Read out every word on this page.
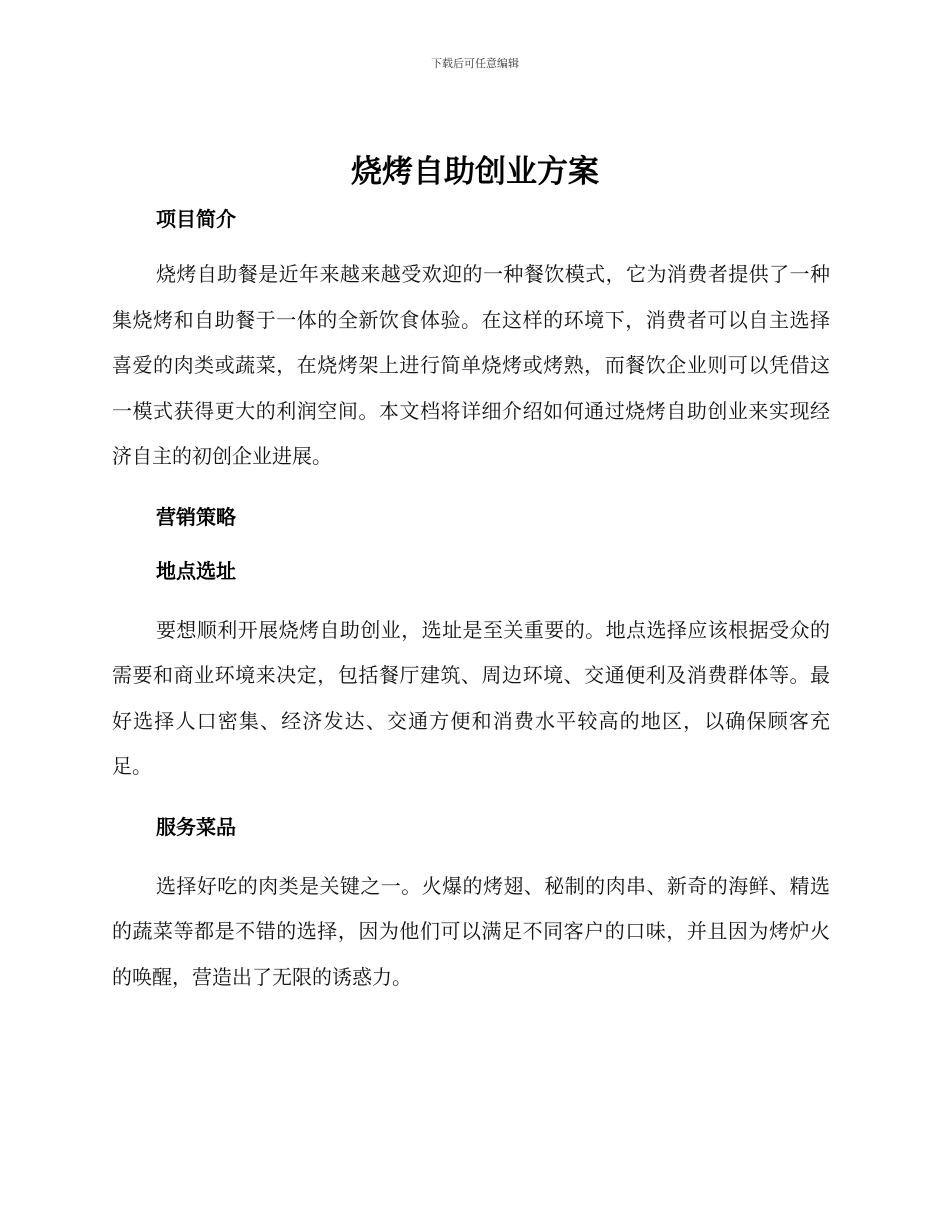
下载后可任意编辑
烧烤自助创业方案
项目简介

烧烤自助餐是近年来越来越受欢迎的一种餐饮模式，它为消费者提供了一种集烧烤和自助餐于一体的全新饮食体验。在这样的环境下，消费者可以自主选择喜爱的肉类或蔬菜，在烧烤架上进行简单烧烤或烤熟，而餐饮企业则可以凭借这一模式获得更大的利润空间。本文档将详细介绍如何通过烧烤自助创业来实现经济自主的初创企业进展。

营销策略
地点选址

要想顺利开展烧烤自助创业，选址是至关重要的。地点选择应该根据受众的需要和商业环境来决定，包括餐厅建筑、周边环境、交通便利及消费群体等。最好选择人口密集、经济发达、交通方便和消费水平较高的地区，以确保顾客充足。

服务菜品

选择好吃的肉类是关键之一。火爆的烤翅、秘制的肉串、新奇的海鲜、精选的蔬菜等都是不错的选择，因为他们可以满足不同客户的口味，并且因为烤炉火的唤醒，营造出了无限的诱惑力。
